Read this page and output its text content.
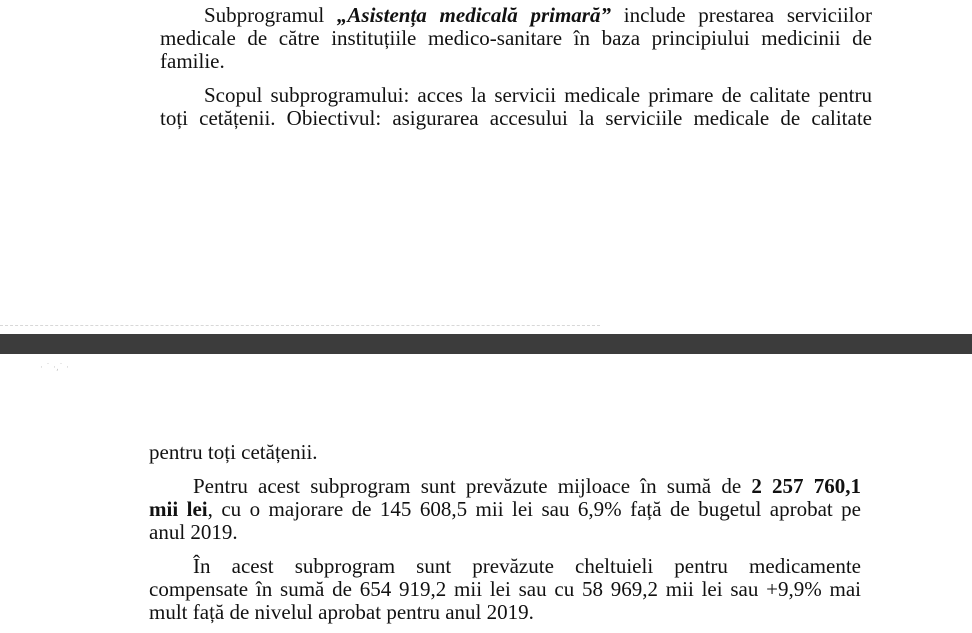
Subprogramul „Asistența medicală primară” include prestarea serviciilor
medicale de către instituțiile medico-sanitare în baza principiului medicinii de
familie.
Scopul subprogramului: acces la servicii medicale primare de calitate pentru
toți cetățenii. Obiectivul: asigurarea accesului la serviciile medicale de calitate
· ˙ ·,˙ ·
pentru toți cetățenii.
Pentru acest subprogram sunt prevăzute mijloace în sumă de 2 257 760,1
mii lei, cu o majorare de 145 608,5 mii lei sau 6,9% față de bugetul aprobat pe
anul 2019.
În acest subprogram sunt prevăzute cheltuieli pentru medicamente
compensate în sumă de 654 919,2 mii lei sau cu 58 969,2 mii lei sau +9,9% mai
mult față de nivelul aprobat pentru anul 2019.
